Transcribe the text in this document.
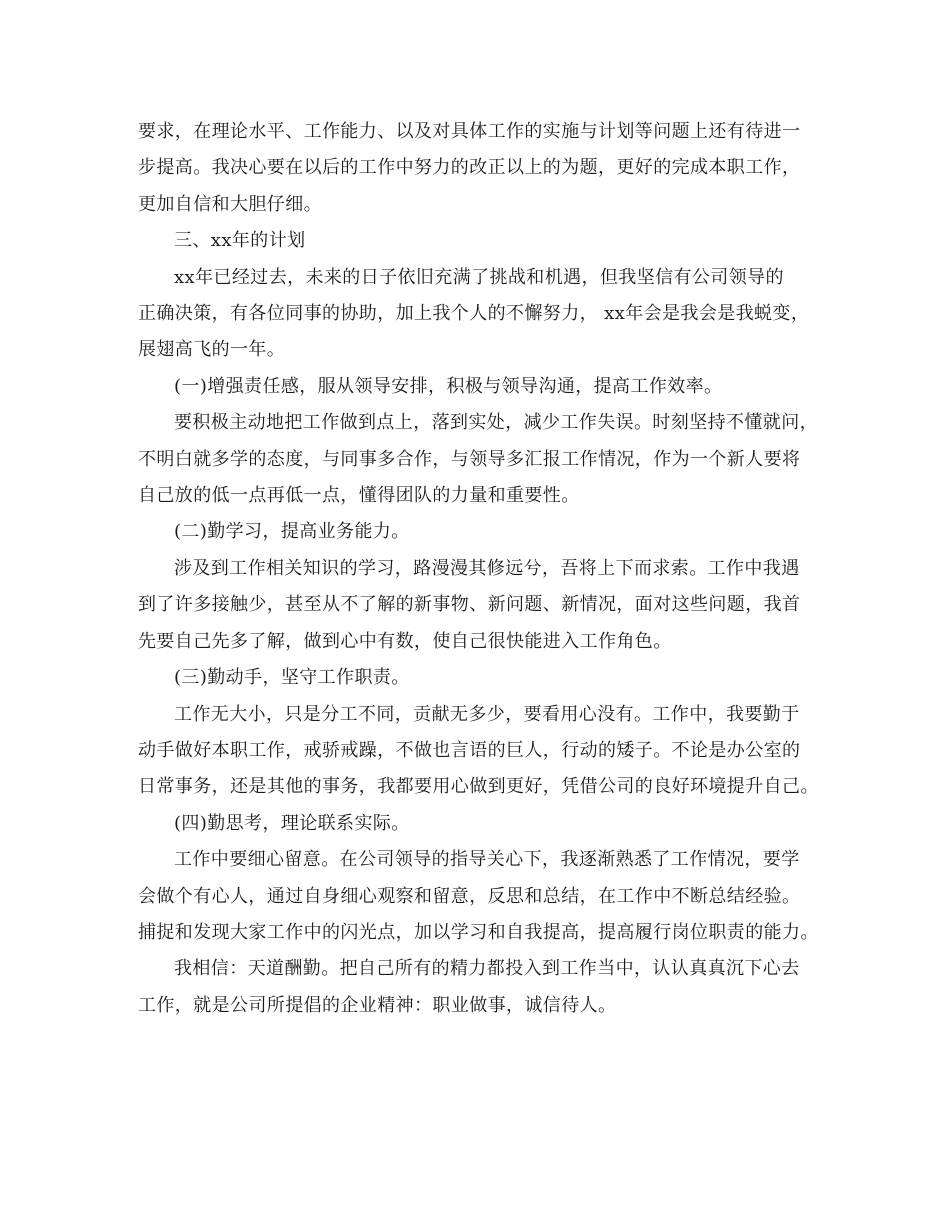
要求，在理论水平、工作能力、以及对具体工作的实施与计划等问题上还有待进一
步提高。我决心要在以后的工作中努力的改正以上的为题，更好的完成本职工作，
更加自信和大胆仔细。
三、xx年的计划
xx年已经过去，未来的日子依旧充满了挑战和机遇，但我坚信有公司领导的
正确决策，有各位同事的协助，加上我个人的不懈努力， xx年会是我会是我蜕变，
展翅高飞的一年。
(一)增强责任感，服从领导安排，积极与领导沟通，提高工作效率。
要积极主动地把工作做到点上，落到实处，减少工作失误。时刻坚持不懂就问，
不明白就多学的态度，与同事多合作，与领导多汇报工作情况，作为一个新人要将
自己放的低一点再低一点，懂得团队的力量和重要性。
(二)勤学习，提高业务能力。
涉及到工作相关知识的学习，路漫漫其修远兮，吾将上下而求索。工作中我遇
到了许多接触少，甚至从不了解的新事物、新问题、新情况，面对这些问题，我首
先要自己先多了解，做到心中有数，使自己很快能进入工作角色。
(三)勤动手，坚守工作职责。
工作无大小，只是分工不同，贡献无多少，要看用心没有。工作中，我要勤于
动手做好本职工作，戒骄戒躁，不做也言语的巨人，行动的矮子。不论是办公室的
日常事务，还是其他的事务，我都要用心做到更好，凭借公司的良好环境提升自己。
(四)勤思考，理论联系实际。
工作中要细心留意。在公司领导的指导关心下，我逐渐熟悉了工作情况，要学
会做个有心人，通过自身细心观察和留意，反思和总结，在工作中不断总结经验。
捕捉和发现大家工作中的闪光点，加以学习和自我提高，提高履行岗位职责的能力。
我相信：天道酬勤。把自己所有的精力都投入到工作当中，认认真真沉下心去
工作，就是公司所提倡的企业精神：职业做事，诚信待人。
